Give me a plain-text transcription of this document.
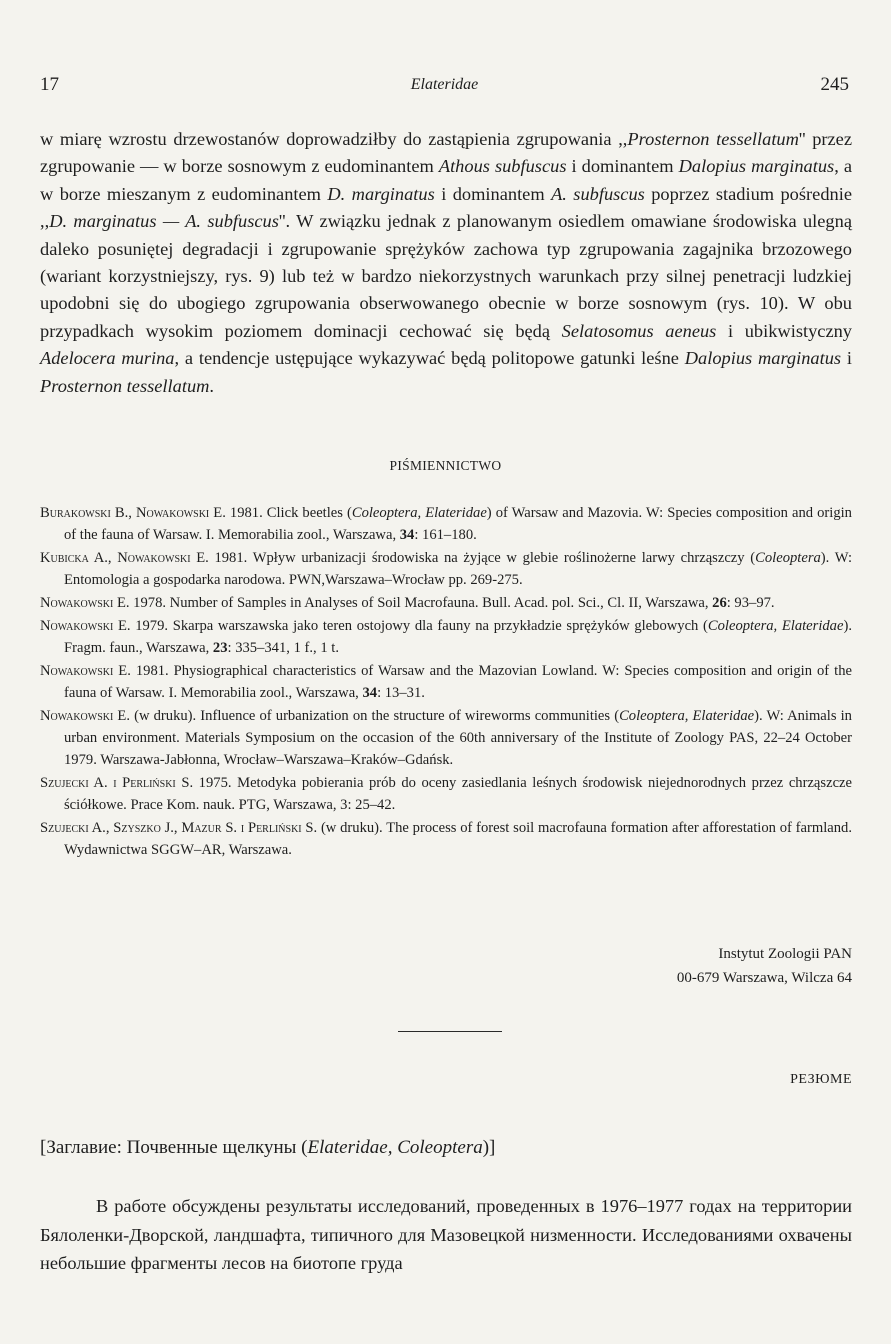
17	Elateridae	245

w miarę wzrostu drzewostanów doprowadziłby do zastąpienia zgrupowania ,,Prosternon tessellatum'' przez zgrupowanie — w borze sosnowym z eudominantem Athous subfuscus i dominantem Dalopius marginatus, a w borze mieszanym z eudominantem D. marginatus i dominantem A. subfuscus poprzez stadium pośrednie ,,D. marginatus — A. subfuscus''. W związku jednak z planowanym osiedlem omawiane środowiska ulegną daleko posuniętej degradacji i zgrupowanie sprężyków zachowa typ zgrupowania zagajnika brzozowego (wariant korzystniejszy, rys. 9) lub też w bardzo niekorzystnych warunkach przy silnej penetracji ludzkiej upodobni się do ubogiego zgrupowania obserwowanego obecnie w borze sosnowym (rys. 10). W obu przypadkach wysokim poziomem dominacji cechować się będą Selatosomus aeneus i ubikwistyczny Adelocera murina, a tendencje ustępujące wykazywać będą politopowe gatunki leśne Dalopius marginatus i Prosternon tessellatum.

PIŚMIENNICTWO

Burakowski B., Nowakowski E. 1981. Click beetles (Coleoptera, Elateridae) of Warsaw and Mazovia. W: Species composition and origin of the fauna of Warsaw. I. Memorabilia zool., Warszawa, 34: 161–180.

Kubicka A., Nowakowski E. 1981. Wpływ urbanizacji środowiska na żyjące w glebie roślinożerne larwy chrząszczy (Coleoptera). W: Entomologia a gospodarka narodowa. PWN,Warszawa–Wrocław pp. 269-275.

Nowakowski E. 1978. Number of Samples in Analyses of Soil Macrofauna. Bull. Acad. pol. Sci., Cl. II, Warszawa, 26: 93–97.

Nowakowski E. 1979. Skarpa warszawska jako teren ostojowy dla fauny na przykładzie sprężyków glebowych (Coleoptera, Elateridae). Fragm. faun., Warszawa, 23: 335–341, 1 f., 1 t.

Nowakowski E. 1981. Physiographical characteristics of Warsaw and the Mazovian Lowland. W: Species composition and origin of the fauna of Warsaw. I. Memorabilia zool., Warszawa, 34: 13–31.

Nowakowski E. (w druku). Influence of urbanization on the structure of wireworms communities (Coleoptera, Elateridae). W: Animals in urban environment. Materials Symposium on the occasion of the 60th anniversary of the Institute of Zoology PAS, 22–24 October 1979. Warszawa-Jabłonna, Wrocław–Warszawa–Kraków–Gdańsk.

Szujecki A. i Perliński S. 1975. Metodyka pobierania prób do oceny zasiedlania leśnych środowisk niejednorodnych przez chrząszcze ściółkowe. Prace Kom. nauk. PTG, Warszawa, 3: 25–42.

Szujecki A., Szyszko J., Mazur S. i Perliński S. (w druku). The process of forest soil macrofauna formation after afforestation of farmland. Wydawnictwa SGGW–AR, Warszawa.

Instytut Zoologii PAN
00-679 Warszawa, Wilcza 64
РЕЗЮМЕ
[Заглавие: Почвенные щелкуны (Elateridae, Coleoptera)]

В работе обсуждены результаты исследований, проведенных в 1976–1977 годах на территории Бялоленки-Дворской, ландшафта, типичного для Мазовецкой низменности. Исследованиями охвачены небольшие фрагменты лесов на биотопе груда
